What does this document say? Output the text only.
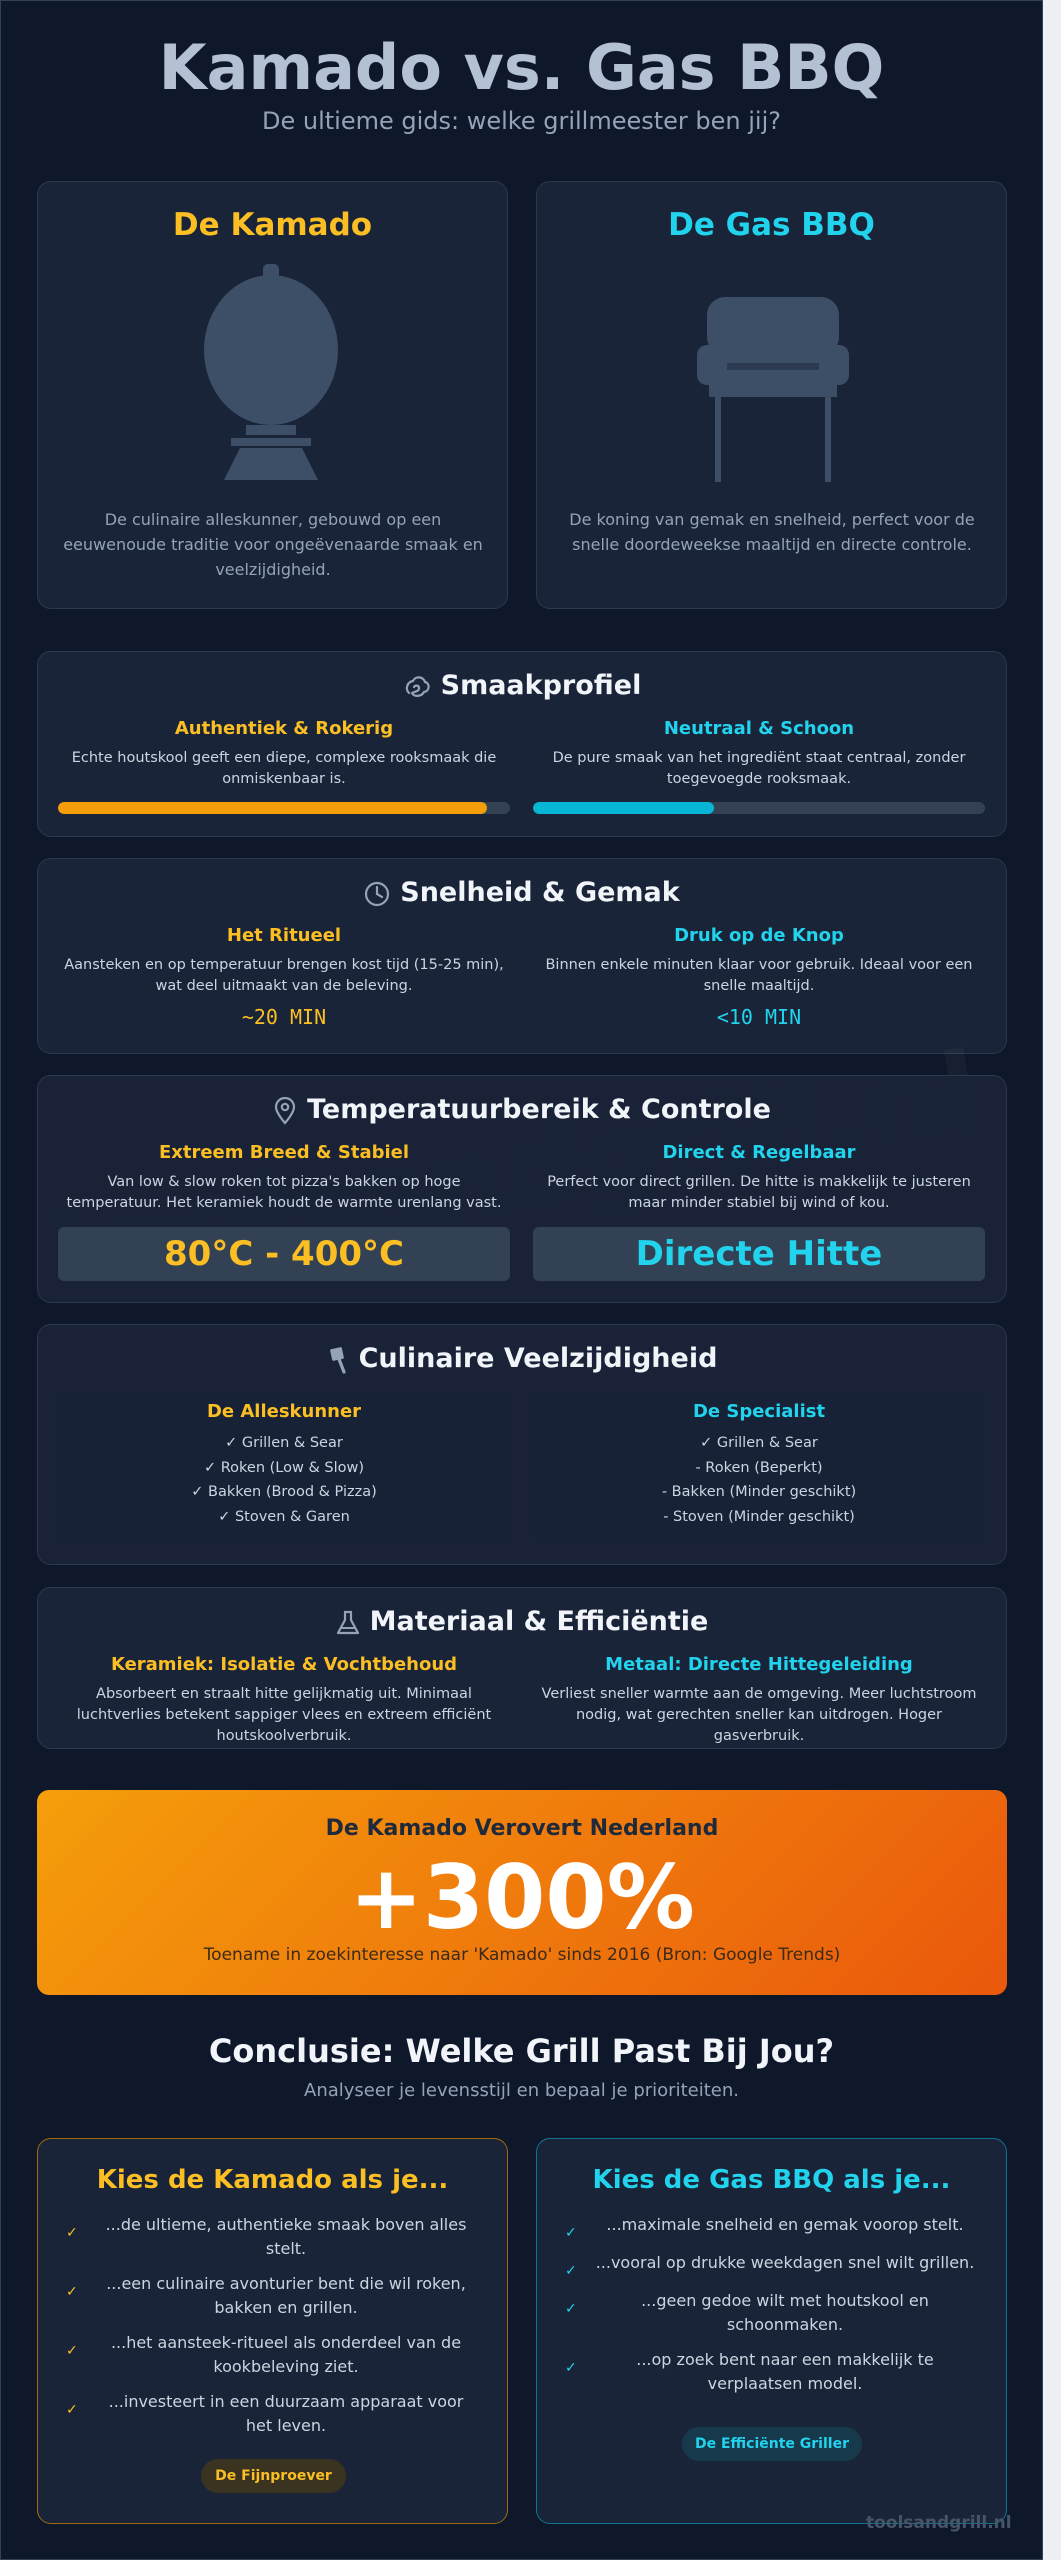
Kamado vs. Gas BBQ
De ultieme gids: welke grillmeester ben jij?
De Kamado
De culinaire alleskunner, gebouwd op een eeuwenoude traditie voor ongeëvenaarde smaak en veelzijdigheid.
De Gas BBQ
De koning van gemak en snelheid, perfect voor de snelle doordeweekse maaltijd en directe controle.
Smaakprofiel
Authentiek & Rokerig
Echte houtskool geeft een diepe, complexe rooksmaak die onmiskenbaar is.
Neutraal & Schoon
De pure smaak van het ingrediënt staat centraal, zonder toegevoegde rooksmaak.
Snelheid & Gemak
Het Ritueel
Aansteken en op temperatuur brengen kost tijd (15-25 min), wat deel uitmaakt van de beleving.
~20 MIN
Druk op de Knop
Binnen enkele minuten klaar voor gebruik. Ideaal voor een snelle maaltijd.
<10 MIN
Temperatuurbereik & Controle
Extreem Breed & Stabiel
Van low & slow roken tot pizza's bakken op hoge temperatuur. Het keramiek houdt de warmte urenlang vast.
80°C - 400°C
Direct & Regelbaar
Perfect voor direct grillen. De hitte is makkelijk te justeren maar minder stabiel bij wind of kou.
Directe Hitte
Culinaire Veelzijdigheid
De Alleskunner
✓ Grillen & Sear
✓ Roken (Low & Slow)
✓ Bakken (Brood & Pizza)
✓ Stoven & Garen
De Specialist
✓ Grillen & Sear
- Roken (Beperkt)
- Bakken (Minder geschikt)
- Stoven (Minder geschikt)
Materiaal & Efficiëntie
Keramiek: Isolatie & Vochtbehoud
Absorbeert en straalt hitte gelijkmatig uit. Minimaal luchtverlies betekent sappiger vlees en extreem efficiënt houtskoolverbruik.
Metaal: Directe Hittegeleiding
Verliest sneller warmte aan de omgeving. Meer luchtstroom nodig, wat gerechten sneller kan uitdrogen. Hoger gasverbruik.
De Kamado Verovert Nederland
+300%
Toename in zoekinteresse naar 'Kamado' sinds 2016 (Bron: Google Trends)
Conclusie: Welke Grill Past Bij Jou?
Analyseer je levensstijl en bepaal je prioriteiten.
Kies de Kamado als je...
✓	...de ultieme, authentieke smaak boven alles stelt.
✓	...een culinaire avonturier bent die wil roken, bakken en grillen.
✓	...het aansteek-ritueel als onderdeel van de kookbeleving ziet.
✓	...investeert in een duurzaam apparaat voor het leven.
De Fijnproever
Kies de Gas BBQ als je...
✓	...maximale snelheid en gemak voorop stelt.
✓	...vooral op drukke weekdagen snel wilt grillen.
✓	...geen gedoe wilt met houtskool en schoonmaken.
✓	...op zoek bent naar een makkelijk te verplaatsen model.
De Efficiënte Griller
toolsandgrill.nl
